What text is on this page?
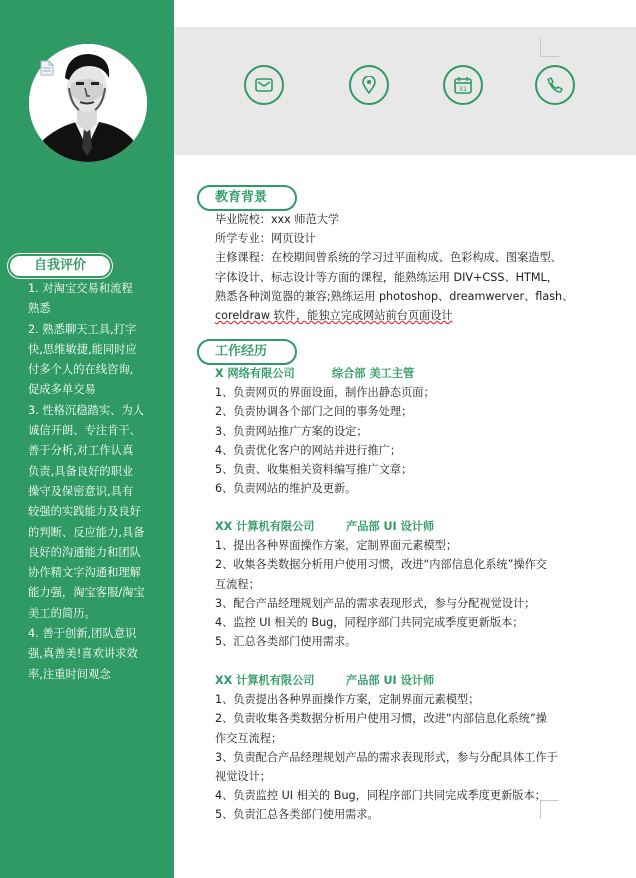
自我评价

1. 对淘宝交易和流程

熟悉

2. 熟悉聊天工具,打字

快,思维敏捷,能同时应

付多个人的在线咨询,

促成多单交易

3. 性格沉稳踏实、为人

诚信开朗、专注肯干、

善于分析,对工作认真

负责,具备良好的职业

操守及保密意识,具有

较强的实践能力及良好

的判断、反应能力,具备

良好的沟通能力和团队

协作精文字沟通和理解

能力强，淘宝客服/淘宝

美工的简历。

4. 善于创新,团队意识

强,真善美!喜欢讲求效

率,注重时间观念

31
教育背景

毕业院校：xxx 师范大学

所学专业：网页设计

主修课程：在校期间曾系统的学习过平面构成、色彩构成、图案造型、

字体设计、标志设计等方面的课程，能熟练运用 DIV+CSS、HTML，

熟悉各种浏览器的兼容;熟练运用 photoshop、dreamwerver、flash、

coreldraw 软件，能独立完成网站前台页面设计

工作经历

X 网络有限公司	综合部 美工主管

1、负责网页的界面设面，制作出静态页面；

2、负责协调各个部门之间的事务处理；

3、负责网站推广方案的设定；

4、负责优化客户的网站并进行推广；

5、负责、收集相关资料编写推广文章；

6、负责网站的维护及更新。

XX 计算机有限公司	产品部 UI 设计师

1、提出各种界面操作方案，定制界面元素模型；

2、收集各类数据分析用户使用习惯，改进“内部信息化系统”操作交

互流程；

3、配合产品经理规划产品的需求表现形式，参与分配视觉设计；

4、监控 UI 相关的 Bug，同程序部门共同完成季度更新版本；

5、汇总各类部门使用需求。

XX 计算机有限公司	产品部 UI 设计师

1、负责提出各种界面操作方案，定制界面元素模型；

2、负责收集各类数据分析用户使用习惯，改进“内部信息化系统”操

作交互流程；

3、负责配合产品经理规划产品的需求表现形式，参与分配具体工作于

视觉设计；

4、负责监控 UI 相关的 Bug，同程序部门共同完成季度更新版本；

5、负责汇总各类部门使用需求。
